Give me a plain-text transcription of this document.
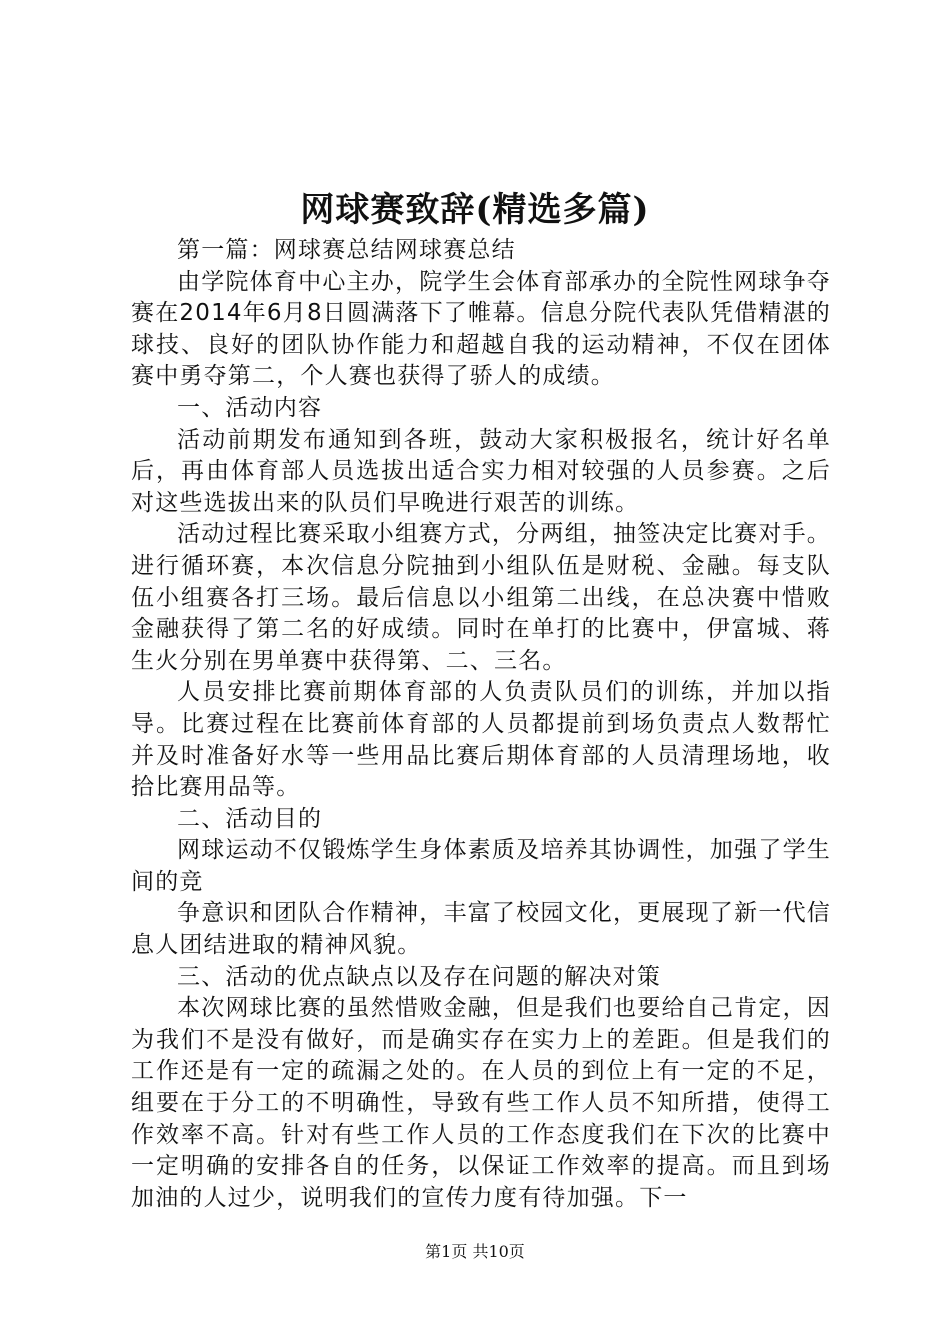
网球赛致辞(精选多篇)

第一篇：网球赛总结网球赛总结

由学院体育中心主办，院学生会体育部承办的全院性网球争夺赛在2014年6月8日圆满落下了帷幕。信息分院代表队凭借精湛的球技、良好的团队协作能力和超越自我的运动精神，不仅在团体赛中勇夺第二，个人赛也获得了骄人的成绩。

一、活动内容

活动前期发布通知到各班，鼓动大家积极报名，统计好名单后，再由体育部人员选拔出适合实力相对较强的人员参赛。之后对这些选拔出来的队员们早晚进行艰苦的训练。

活动过程比赛采取小组赛方式，分两组，抽签决定比赛对手。进行循环赛，本次信息分院抽到小组队伍是财税、金融。每支队伍小组赛各打三场。最后信息以小组第二出线，在总决赛中惜败金融获得了第二名的好成绩。同时在单打的比赛中，伊富城、蒋生火分别在男单赛中获得第、二、三名。

人员安排比赛前期体育部的人负责队员们的训练，并加以指导。比赛过程在比赛前体育部的人员都提前到场负责点人数帮忙并及时准备好水等一些用品比赛后期体育部的人员清理场地，收拾比赛用品等。

二、活动目的

网球运动不仅锻炼学生身体素质及培养其协调性，加强了学生间的竞

争意识和团队合作精神，丰富了校园文化，更展现了新一代信息人团结进取的精神风貌。

三、活动的优点缺点以及存在问题的解决对策

本次网球比赛的虽然惜败金融，但是我们也要给自己肯定，因为我们不是没有做好，而是确实存在实力上的差距。但是我们的工作还是有一定的疏漏之处的。在人员的到位上有一定的不足，组要在于分工的不明确性，导致有些工作人员不知所措，使得工作效率不高。针对有些工作人员的工作态度我们在下次的比赛中一定明确的安排各自的任务，以保证工作效率的提高。而且到场加油的人过少，说明我们的宣传力度有待加强。下一

第1页 共10页
